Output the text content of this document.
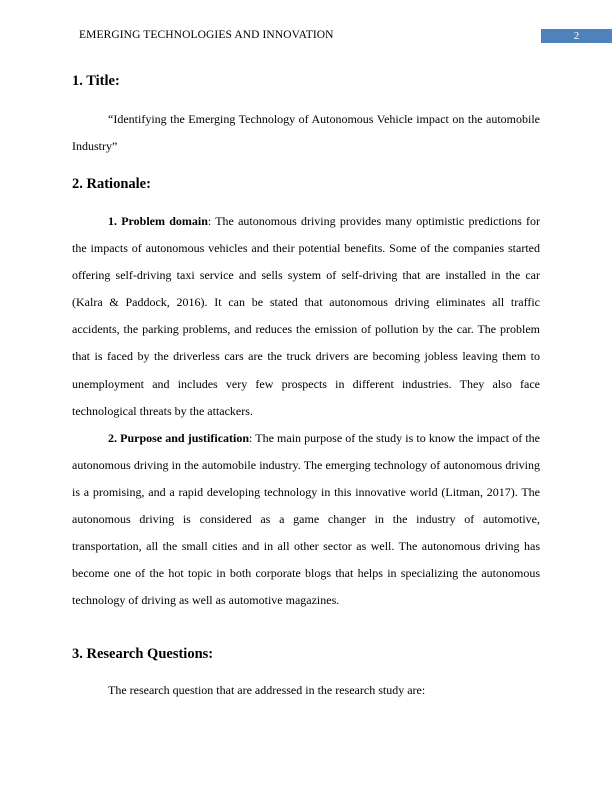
EMERGING TECHNOLOGIES AND INNOVATION	2
1. Title:

“Identifying the Emerging Technology of Autonomous Vehicle impact on the automobile Industry”

2. Rationale:

1. Problem domain: The autonomous driving provides many optimistic predictions for the impacts of autonomous vehicles and their potential benefits. Some of the companies started offering self-driving taxi service and sells system of self-driving that are installed in the car (Kalra & Paddock, 2016). It can be stated that autonomous driving eliminates all traffic accidents, the parking problems, and reduces the emission of pollution by the car. The problem that is faced by the driverless cars are the truck drivers are becoming jobless leaving them to unemployment and includes very few prospects in different industries. They also face technological threats by the attackers.

2. Purpose and justification: The main purpose of the study is to know the impact of the autonomous driving in the automobile industry. The emerging technology of autonomous driving is a promising, and a rapid developing technology in this innovative world (Litman, 2017). The autonomous driving is considered as a game changer in the industry of automotive, transportation, all the small cities and in all other sector as well. The autonomous driving has become one of the hot topic in both corporate blogs that helps in specializing the autonomous technology of driving as well as automotive magazines.

3. Research Questions:
The research question that are addressed in the research study are:
